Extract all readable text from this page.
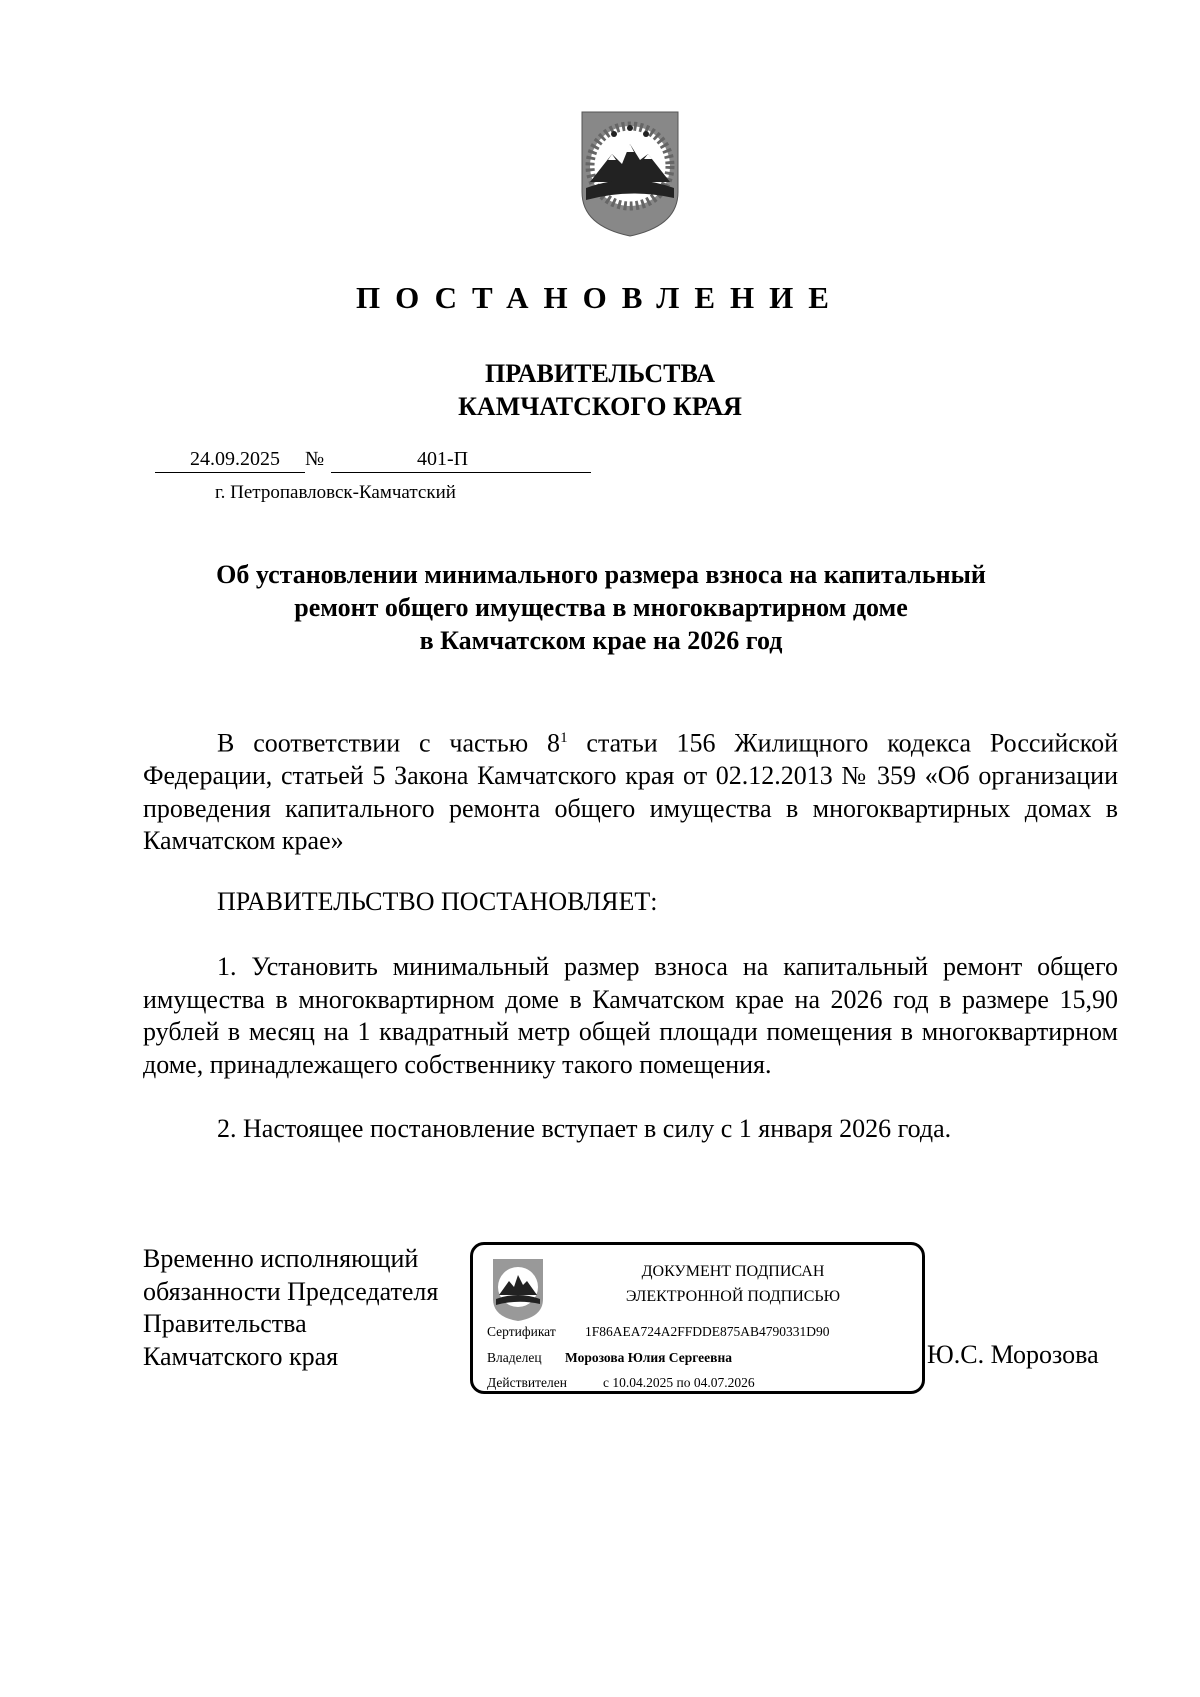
ПОСТАНОВЛЕНИЕ
ПРАВИТЕЛЬСТВА
КАМЧАТСКОГО КРАЯ
24.09.2025 №	401-П
г. Петропавловск-Камчатский
Об установлении минимального размера взноса на капитальный
ремонт общего имущества в многоквартирном доме
в Камчатском крае на 2026 год

В соответствии с частью $8^1$ статьи 156 Жилищного кодекса Российской Федерации, статьей 5 Закона Камчатского края от 02.12.2013 № 359 «Об организации проведения капитального ремонта общего имущества в многоквартирных домах в Камчатском крае»

ПРАВИТЕЛЬСТВО ПОСТАНОВЛЯЕТ:

1. Установить минимальный размер взноса на капитальный ремонт общего имущества в многоквартирном доме в Камчатском крае на 2026 год в размере 15,90 рублей в месяц на 1 квадратный метр общей площади помещения в многоквартирном доме, принадлежащего собственнику такого помещения.

2. Настоящее постановление вступает в силу с 1 января 2026 года.

Временно исполняющий
обязанности Председателя
Правительства
Камчатского края
ДОКУМЕНТ ПОДПИСАН
ЭЛЕКТРОННОЙ ПОДПИСЬЮ
Сертификат 1F86AEA724A2FFDDE875AB4790331D90
Владелец Морозова Юлия Сергеевна
Действителен	с 10.04.2025 по 04.07.2026
Ю.С. Морозова
